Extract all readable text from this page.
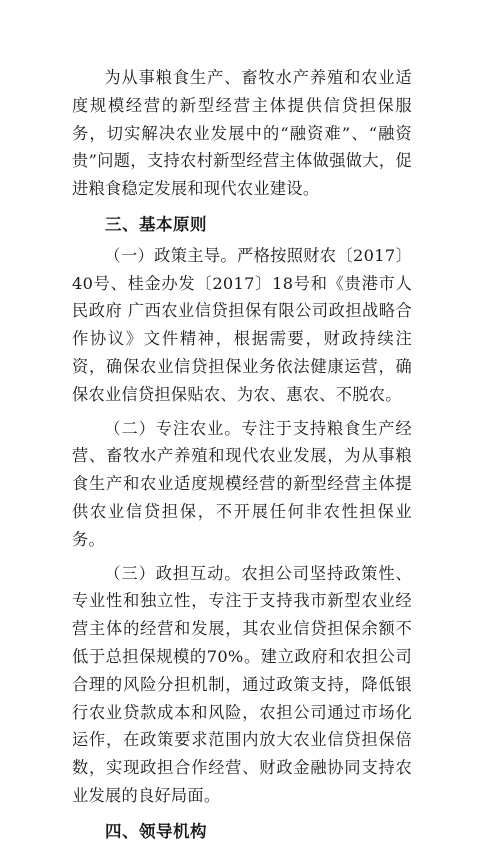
为从事粮食生产、畜牧水产养殖和农业适度规模经营的新型经营主体提供信贷担保服务，切实解决农业发展中的“融资难”、“融资贵”问题，支持农村新型经营主体做强做大，促进粮食稳定发展和现代农业建设。

三、基本原则

（一）政策主导。严格按照财农〔2017〕40号、桂金办发〔2017〕18号和《贵港市人民政府 广西农业信贷担保有限公司政担战略合作协议》文件精神，根据需要，财政持续注资，确保农业信贷担保业务依法健康运营，确保农业信贷担保贴农、为农、惠农、不脱农。

（二）专注农业。专注于支持粮食生产经营、畜牧水产养殖和现代农业发展，为从事粮食生产和农业适度规模经营的新型经营主体提供农业信贷担保，不开展任何非农性担保业务。

（三）政担互动。农担公司坚持政策性、专业性和独立性，专注于支持我市新型农业经营主体的经营和发展，其农业信贷担保余额不低于总担保规模的70%。建立政府和农担公司合理的风险分担机制，通过政策支持，降低银行农业贷款成本和风险，农担公司通过市场化运作，在政策要求范围内放大农业信贷担保倍数，实现政担合作经营、财政金融协同支持农业发展的良好局面。

四、领导机构
